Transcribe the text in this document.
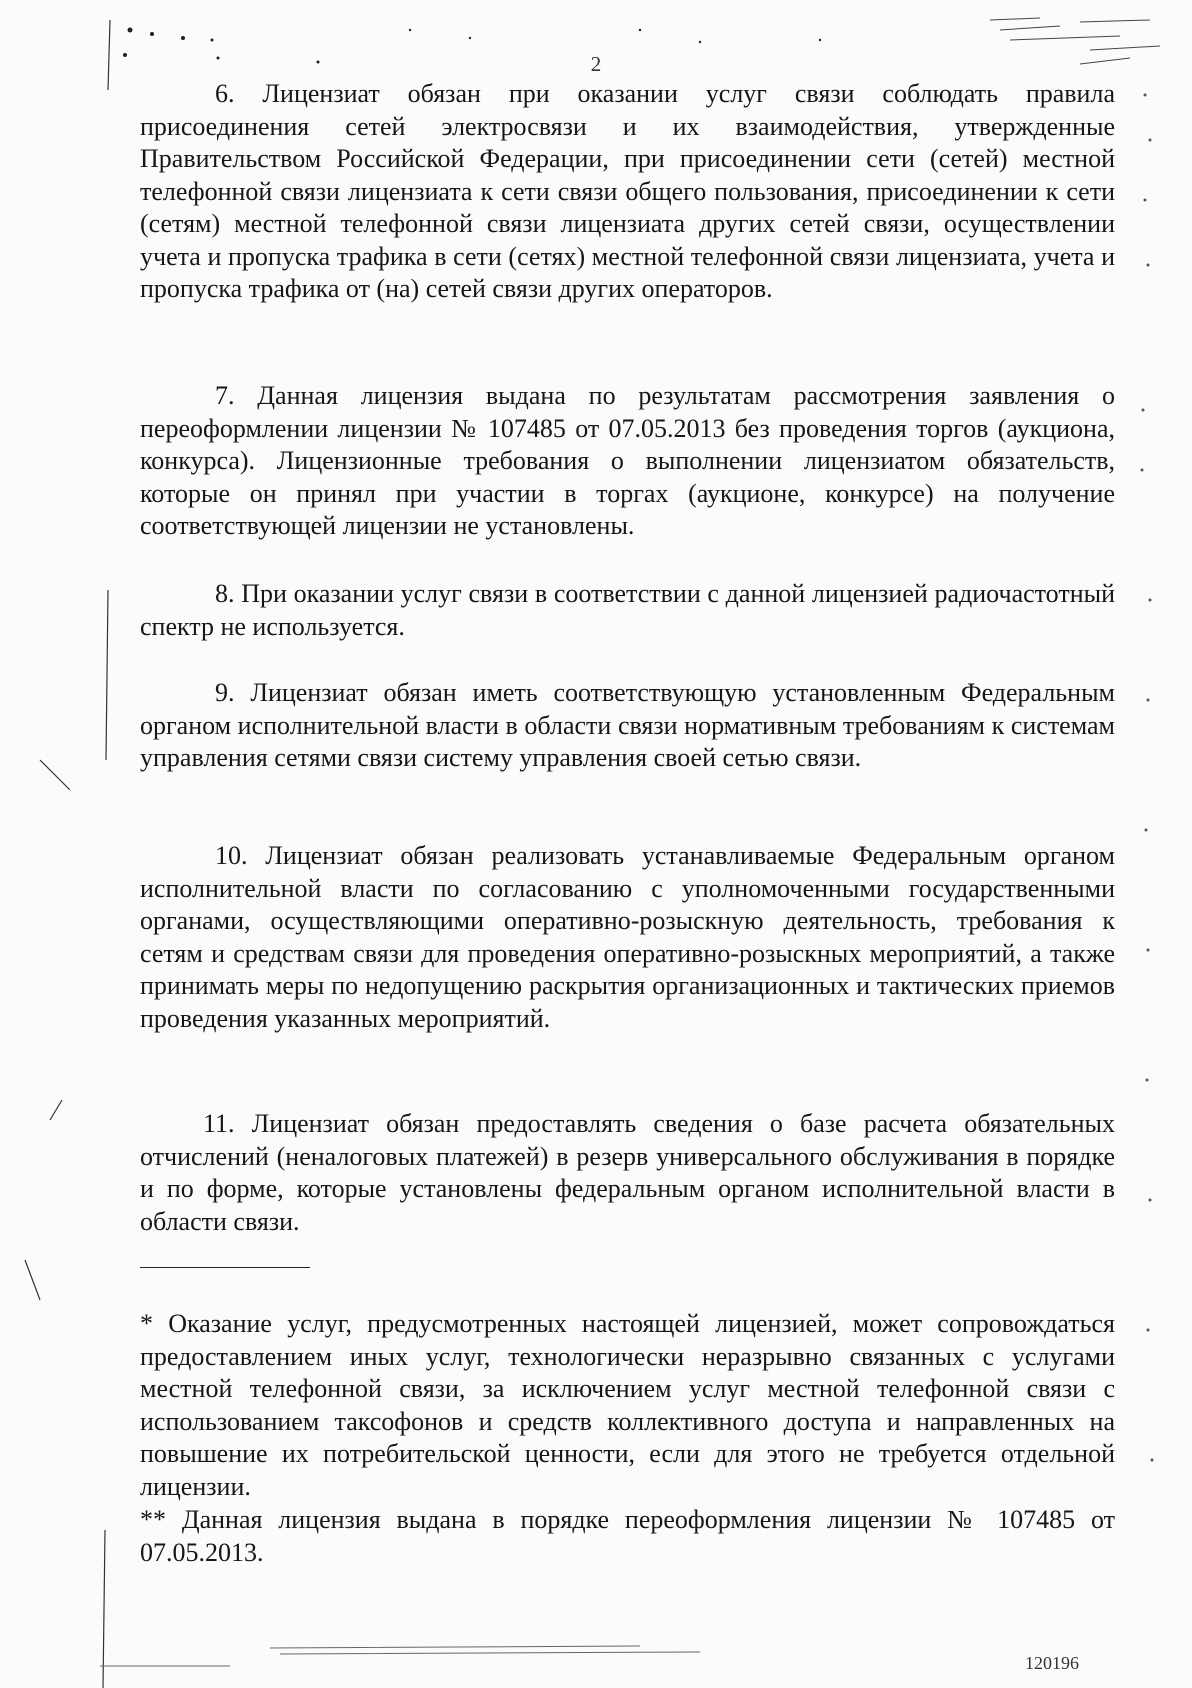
2

6. Лицензиат обязан при оказании услуг связи соблюдать правила присоединения сетей электросвязи и их взаимодействия, утвержденные Правительством Российской Федерации, при присоединении сети (сетей) местной телефонной связи лицензиата к сети связи общего пользования, присоединении к сети (сетям) местной телефонной связи лицензиата других сетей связи, осуществлении учета и пропуска трафика в сети (сетях) местной телефонной связи лицензиата, учета и пропуска трафика от (на) сетей связи других операторов.

7. Данная лицензия выдана по результатам рассмотрения заявления о переоформлении лицензии № 107485 от 07.05.2013 без проведения торгов (аукциона, конкурса). Лицензионные требования о выполнении лицензиатом обязательств, которые он принял при участии в торгах (аукционе, конкурсе) на получение соответствующей лицензии не установлены.

8. При оказании услуг связи в соответствии с данной лицензией радиочастотный спектр не используется.

9. Лицензиат обязан иметь соответствующую установленным Федеральным органом исполнительной власти в области связи нормативным требованиям к системам управления сетями связи систему управления своей сетью связи.

10. Лицензиат обязан реализовать устанавливаемые Федеральным органом исполнительной власти по согласованию с уполномоченными государственными органами, осуществляющими оперативно-розыскную деятельность, требования к сетям и средствам связи для проведения оперативно-розыскных мероприятий, а также принимать меры по недопущению раскрытия организационных и тактических приемов проведения указанных мероприятий.

11. Лицензиат обязан предоставлять сведения о базе расчета обязательных отчислений (неналоговых платежей) в резерв универсального обслуживания в порядке и по форме, которые установлены федеральным органом исполнительной власти в области связи.

* Оказание услуг, предусмотренных настоящей лицензией, может сопровождаться предоставлением иных услуг, технологически неразрывно связанных с услугами местной телефонной связи, за исключением услуг местной телефонной связи с использованием таксофонов и средств коллективного доступа и направленных на повышение их потребительской ценности, если для этого не требуется отдельной лицензии.

** Данная лицензия выдана в порядке переоформления лицензии № 107485 от 07.05.2013.

120196
